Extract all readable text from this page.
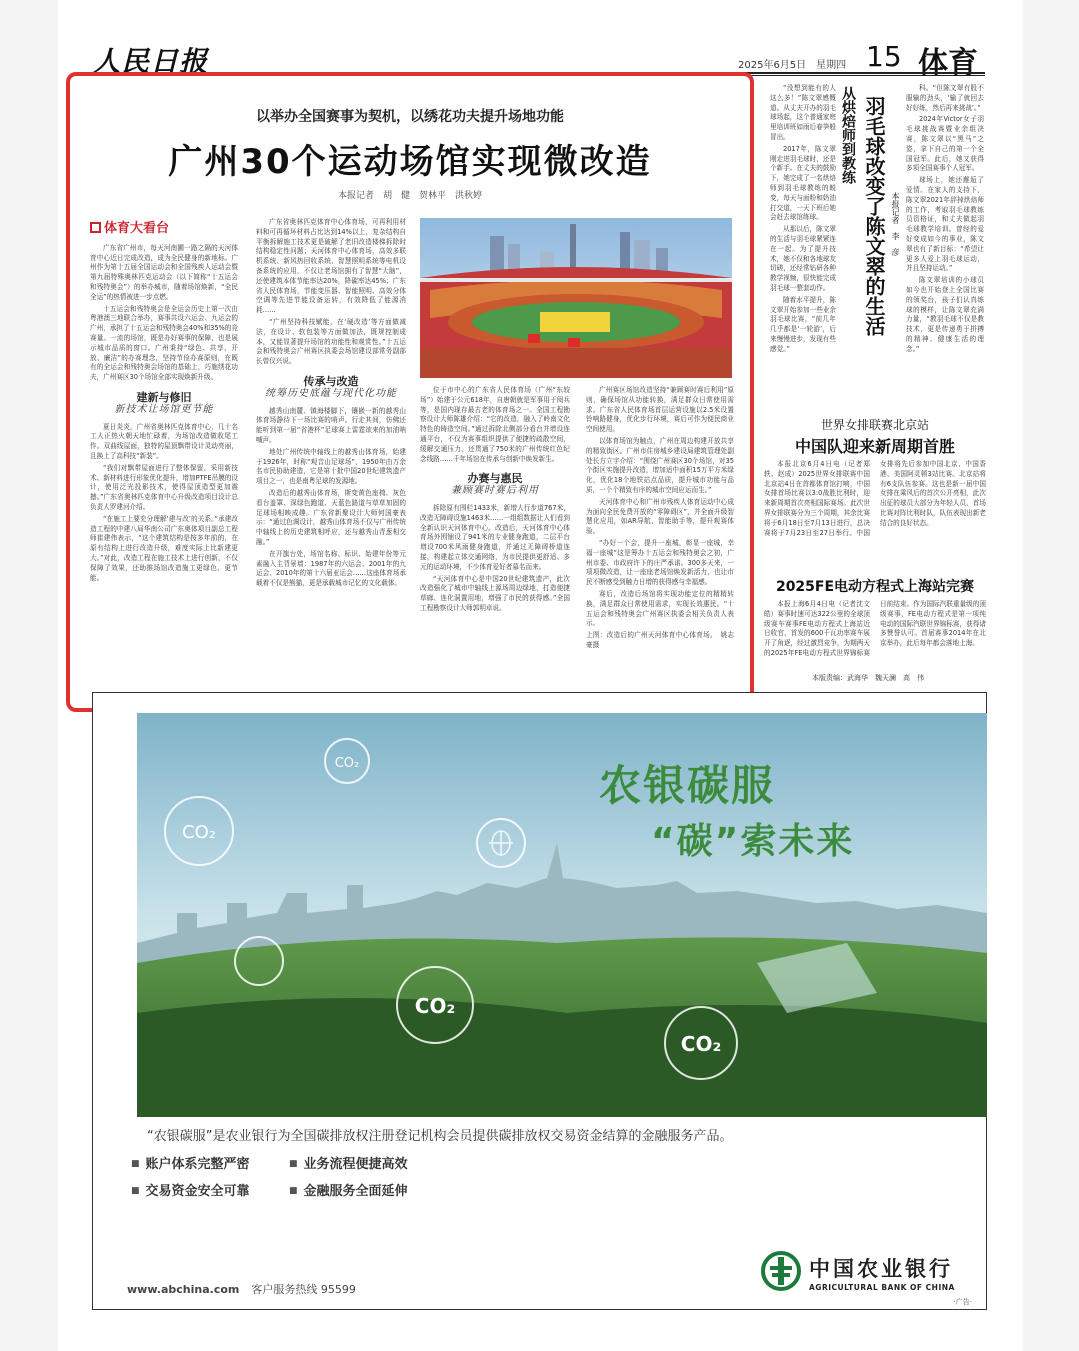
人民日报	2025年6月5日　星期四 15 体育
以举办全国赛事为契机，以绣花功夫提升场地功能
广州30个运动场馆实现微改造
本报记者　胡　健　贺林平　洪秋婷
体育大看台

广东省广州市，每天河南圃一路之隔的天河体育中心近日完成改造，成为全民健身的新地标。广州作为第十五届全国运动会和全国残疾人运动会暨第九届特殊奥林匹克运动会（以下简称“十五运会和残特奥会”）的举办城市，随着场馆焕新，“全民全运”的热情被进一步点燃。

十五运会和残特奥会是全运会历史上第一次由粤港澳三地联合举办，赛事共设六运会、九运会的广州，承担了十五运会和残特奥会40%和35%的竞赛量。一流的场馆，既是办好赛事的保障，也是展示城市品质的窗口。广州秉持“绿色、共享、开放、廉洁”的办赛理念，坚持节俭办赛原则，在既有的全运会和残特奥会场馆的基础上，巧施绣花功夫，广州赛区30个场馆全部实现焕新升级。

建新与修旧
新技术让场馆更节能

夏日炎炎，广州省奥林匹克体育中心，几十名工人正热火朝天地忙碌着，为场馆改造做收尾工作。双曲线屋面，独特的屋顶飘带设计灵动亮丽，且换上了高科技“新装”。

“我们对飘带屋面进行了整体保留，采用新技术、新材料进行形象优化提升，增加PTFE吊膜的设计，使用泛光投影技术，使得屋顶造型更加震撼。”广东省奥林匹克体育中心升级改造项目设计总负责人罗建河介绍。

“在施工上要充分理解‘建与改’的关系。”承建改造工程的中建八局华南公司广东奥体项目副总工程师崔建伟表示，“这个建筑结构是按多年前的，在原有结构上进行改造升级，难度实际上比新建更大。”对此，改造工程在施工技术上进行创新，不仅保障了效果，还助推场馆改造施工更绿色、更节能。

广东省奥林匹克体育中心体育场，可再利用材料和可再循环材料占比达到14%以上，复杂结构自平衡拆解施工技术更是破解了老旧改造楼梯拆除时结构稳定性问题；天河体育中心体育场，高效多联机系统、新风热回收系统、智慧照明系统等电机设备系统的应用，不仅让老场馆拥有了智慧“大脑”，还使建筑本体节能率达20%，降碳率达45%；广东省人民体育场，节能变压器、智能照明、高效分体空调等先进节能设备运转，有效降低了能源消耗……

“广州坚持科技赋能，在‘硬改造’等方面做减法，在设计、软包装等方面做加法，既规控制成本，又能显著提升场馆的功能性和观赏性。”十五运会和残特奥会广州赛区执委会场馆建设部常务副部长曾仅兴说。

传承与改造
统筹历史底蕴与现代化功能

越秀山南麓、镇海楼脚下，镶嵌一新的越秀山体育场静待下一场比赛的哨声。行走其间，仿佛还能听到第一届“省港杯”足球赛上雷霆欲来的加油呐喊声。

地处广州传统中轴线上的越秀山体育场，始建于1926年，时称“观音山足球场”，1950年由万余名市民协助建造，它是第十批中国20世纪建筑遗产项目之一，也是南粤足球的发源地。

改造后的越秀山体育场，斯变黄色座椅、灰色看台盖罩、深绿色跑道、天蓝色路道与草草加固的足球场相映成趣。广东省新聚设计大师何国豪表示：“通过色调设计，越秀山体育场不仅与广州传统中轴线上的历史建筑相呼应，还与越秀山青葱相交融。”

在开旗台处，场馆名称、标识、始建年份等元素融入主背景墙：1987年的六运会、2001年的九运会、2010年的第十六届亚运会……这座体育场承载着不仅是熊猫，更是承载城市记忆的文化载体。

位于市中心的广东省人民体育场（广州“东较场”）始建于公元618年，自唐朝就是军事用于阅兵等，是国内现存最古老的体育场之一。全国工程勘察设计大师陈雄介绍：“它的改造，融入了岭南文化特色的铸造空间。”通过拆除北侧部分看台并增设连通平台，不仅为赛事组织提供了便捷的疏散空间，缓解交通压力，还贯通了750米的广州传统红色纪念线路……千年场馆在传承与创新中焕发新生。

办赛与惠民
兼顾赛时赛后利用

拆除原有围栏1433米，新增人行步道767米，改造无障碍设施1463米……一组组数据让人们看到全新认识天河体育中心。改造后，天河体育中心体育场外围铺设了941米的专业健身跑道，二层平台增设700米风雨健身跑道，并通过无障碍桥道连接，构建起立体交通网络，为市民提供更舒适、多元的运动环境，不少体育爱好者慕名而来。

“天河体育中心是中国20世纪建筑遗产，此次改造强化了城市中轴线上源场周边绿地，打造便捷草廊、连化洞置用地，增强了市民的获得感。”全国工程勘察设计大师郭明卓说。

广州赛区场馆改造坚持“兼顾赛时赛后利用”原则，确保场馆从功能转换，满足群众日常使用需求。广东省人民体育场首层运营设施以2.5米设置铃响路健身，优化步行环境，赛后可作为便民商业空间使用。

以体育场馆为触点，广州在周边构建开放共享的精致街区。广州市住房城乡建设局建筑管理处副处长方立宇介绍：“围绕广州赛区30个场馆，对35个街区实施提升改造，增加适中面积15万平方米绿化，优化18个地铁站点品质，提升城市功能与品质，一个个精致有序的城市空间应运而生。”

天河体育中心和广州市残疾人体育运动中心成为面向全民免费开放的“零障碍区”，并全面升级智慧化应用，如AR导航、智能助手等，提升观赛体验。

“办好一个会，提升一座城，彰显一座城，幸福一座城”这是筹办十五运会和残特奥会之初，广州市委、市政府许下的庄严承诺。300多天来，一项项微改造，让一座座老场馆焕发新活力，也让市民不断感受到触力日增的获得感与幸福感。

赛后，改造后场馆将实现功能定位的精精转换，满足群众日常使用需求，实现长效惠民。“十五运会和残特奥会广州赛区执委会相关负责人表示。

上图：改造后的广州天河体育中心体育场。　 姚志豪摄

从烘焙师到教练 羽毛球改变了陈文翠的生活 本报记者　李　彦

“没想到能有的人这么多！”陈文翠感慨道。从丈夫开办的羽毛球场起，这个普通家庭里培训班如雨后春笋般冒出。

2017年，陈文翠刚走进羽毛球时，还是个新手。在丈夫的鼓励下，她完成了一名烘焙师到羽毛球教练的蜕变，每天与面粉和奶油打交道，一天下班后她会赶去球馆练球。

从那以后，陈文翠的生活与羽毛球紧紧连在一起。为了提升技术，她不仅和各地球友切磋，还经常钻研各种教学视频，很快能完成羽毛球一整套动作。

随着水平提升，陈文翠开始参加一些业余羽毛球比赛，“前几年几乎都是‘一轮游’，后来慢慢进步，发现有些感觉。”

科。“但陈文翠有股不服输的劲头，‘输了就回去好好练，然后再来挑战’。”

2024年Victor女子羽毛球挑战赛暨业余组决赛，陈文翠以“黑马”之姿，拿下自己的第一个全国冠军。此后，她又获得多项全国赛事个人冠军。

球场上，她还邂逅了爱情。在家人的支持下，陈文翠2021年辞掉烘焙师的工作，考取羽毛球教练员资格证，和丈夫做起羽毛球教学培训。曾经的爱好变成如今的事业，陈文翠也有了新目标：“希望让更多人爱上羽毛球运动，并且坚持运动。”

陈文翠培训的小球员如今也开始登上全国比赛的领奖台，孩子们认真练球的模样，让陈文翠充满力量，“教羽毛球不仅是教技术，更是传递勇于拼搏的精神、健康生活的理念。”

世界女排联赛北京站
中国队迎来新周期首胜

本报北京6月4日电（记者郑轶、赵成）2025世界女排联赛中国北京站4日在首都体育馆打响，中国女排首场比赛以3:0战胜比利时，迎来新周期首次亮相国际赛场。此次世界女排联赛分为三个周期，其余比赛将于6月18日至7月13日进行，总决赛将于7月23日至27日举行。中国女排将先后参加中国北京、中国香港、美国阿灵顿3站比赛。北京站将有6支队伍参赛。这也是新一届中国女排在乘风后的首次公开亮相，此次出征的球员大部分为年轻人员，首场比赛对阵比利时队，队伍表现出新老结合的良好状态。

2025FE电动方程式上海站完赛

本报上海6月4日电（记者沈文皓）赛事时速可达322公里的全球顶级赛车赛事FE电动方程式上海站近日收官，首发的600千瓦功率赛车展开了角逐，经过激烈竞争，为期两天的2025年FE电动方程式世界锦标赛日前结束。作为国际汽联重量级的顶级赛事，FE电动方程式是第一项纯电动的国际汽联世界锦标赛，获得诸多赞誉认可。首届赛事2014年在北京举办，此后每年都会落地上海。

本版责编：武海华　魏天澜　高　伟
CO₂
CO₂
CO₂
CO₂
农银碳服
“碳”索未来
“农银碳服”是农业银行为全国碳排放权注册登记机构会员提供碳排放权交易资金结算的金融服务产品。
■ 账户体系完整严密	■ 业务流程便捷高效
■ 交易资金安全可靠	■ 金融服务全面延伸
www.abchina.com 客户服务热线 95599
中国农业银行
AGRICULTURAL BANK OF CHINA
·广告·
